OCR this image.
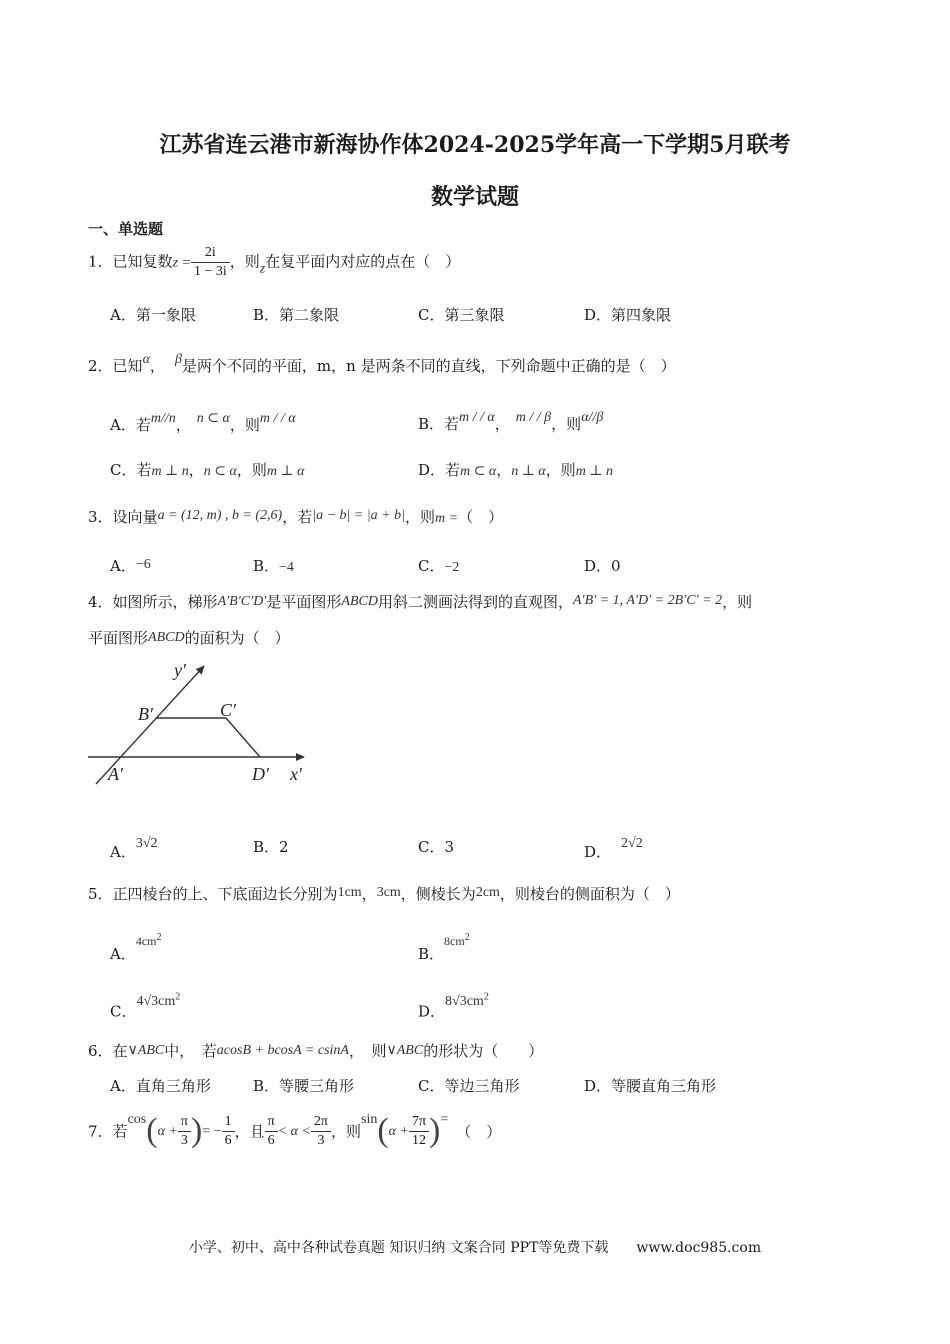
江苏省连云港市新海协作体2024-2025学年高一下学期5月联考
数学试题
一、单选题
1．已知复数$z = \frac{2i}{1 - 3i}$ ，则z在复平面内对应的点在（　）
A．第一象限	B．第二象限	C．第三象限	D．第四象限
2．已知α， β是两个不同的平面，m，n 是两条不同的直线，下列命题中正确的是（　）
A．若m//n， n ⊂ α，则m / / α	B．若m / / α， m / / β，则α//β
C．若m ⊥ n，n ⊂ α，则m ⊥ α	D．若m ⊂ α，n ⊥ α，则m ⊥ n
3．设向量a = (12, m) , b = (2,6)，若|a − b| = |a + b|，则m =（　）
A．−6	B．−4	C．−2	D．0
4．如图所示，梯形A′B′C′D′是平面图形ABCD用斜二测画法得到的直观图，A′B′ = 1, A′D′ = 2B′C′ = 2，则
平面图形ABCD的面积为（　）
y′
x′
A′
B′	C′
D′
A．3√2	B．2	C．3	D． 2√2
5．正四棱台的上、下底面边长分别为1cm，3cm，侧棱长为2cm，则棱台的侧面积为（　）
A．$^{4cm^2}$
B．$^{8cm^2}$
C．$4√3cm^2$
D．$8√3cm^2$
6．在∨ABC中，　若acosB + bcosA = csinA，　则∨ABC的形状为（　　）
A．直角三角形	B．等腰三角形	C．等边三角形	D．等腰直角三角形
7．若$\cos(\alpha + \frac{\pi}{3}$ )= − $\frac{1}{6}$ ，且 $\frac{\pi}{6} < \alpha < \frac{2\pi}{3}$ ，则$\sin(\alpha + \frac{7\pi}{12}$ )=（　）
小学、初中、高中各种试卷真题 知识归纳 文案合同 PPT等免费下载　　www.doc985.com
